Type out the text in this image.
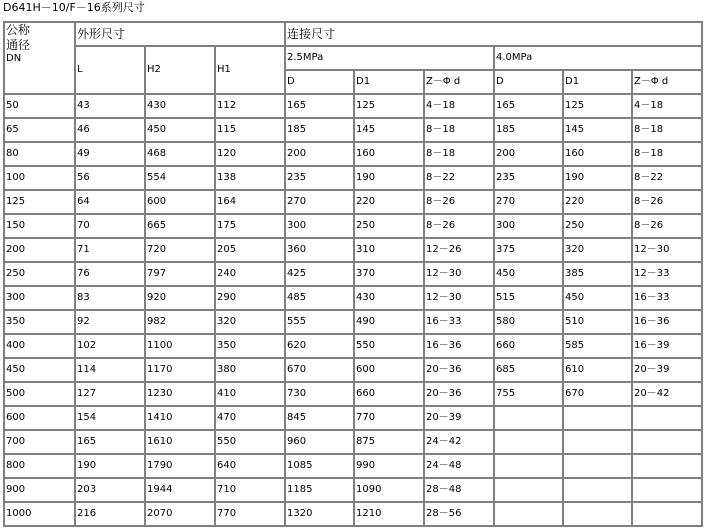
D641H－10/F－16系列尺寸
公称
通径

DN	外形尺寸			连接尺寸					
	L	H2	H1	2.5MPa			4.0MPa		
				D	D1	Z－Φ d	D	D1	Z－Φ d
50	43	430	112	165	125	4－18	165	125	4－18
65	46	450	115	185	145	8－18	185	145	8－18
80	49	468	120	200	160	8－18	200	160	8－18
100	56	554	138	235	190	8－22	235	190	8－22
125	64	600	164	270	220	8－26	270	220	8－26
150	70	665	175	300	250	8－26	300	250	8－26
200	71	720	205	360	310	12－26	375	320	12－30
250	76	797	240	425	370	12－30	450	385	12－33
300	83	920	290	485	430	12－30	515	450	16－33
350	92	982	320	555	490	16－33	580	510	16－36
400	102	1100	350	620	550	16－36	660	585	16－39
450	114	1170	380	670	600	20－36	685	610	20－39
500	127	1230	410	730	660	20－36	755	670	20－42
600	154	1410	470	845	770	20－39			
700	165	1610	550	960	875	24－42			
800	190	1790	640	1085	990	24－48			
900	203	1944	710	1185	1090	28－48			
1000	216	2070	770	1320	1210	28－56			
